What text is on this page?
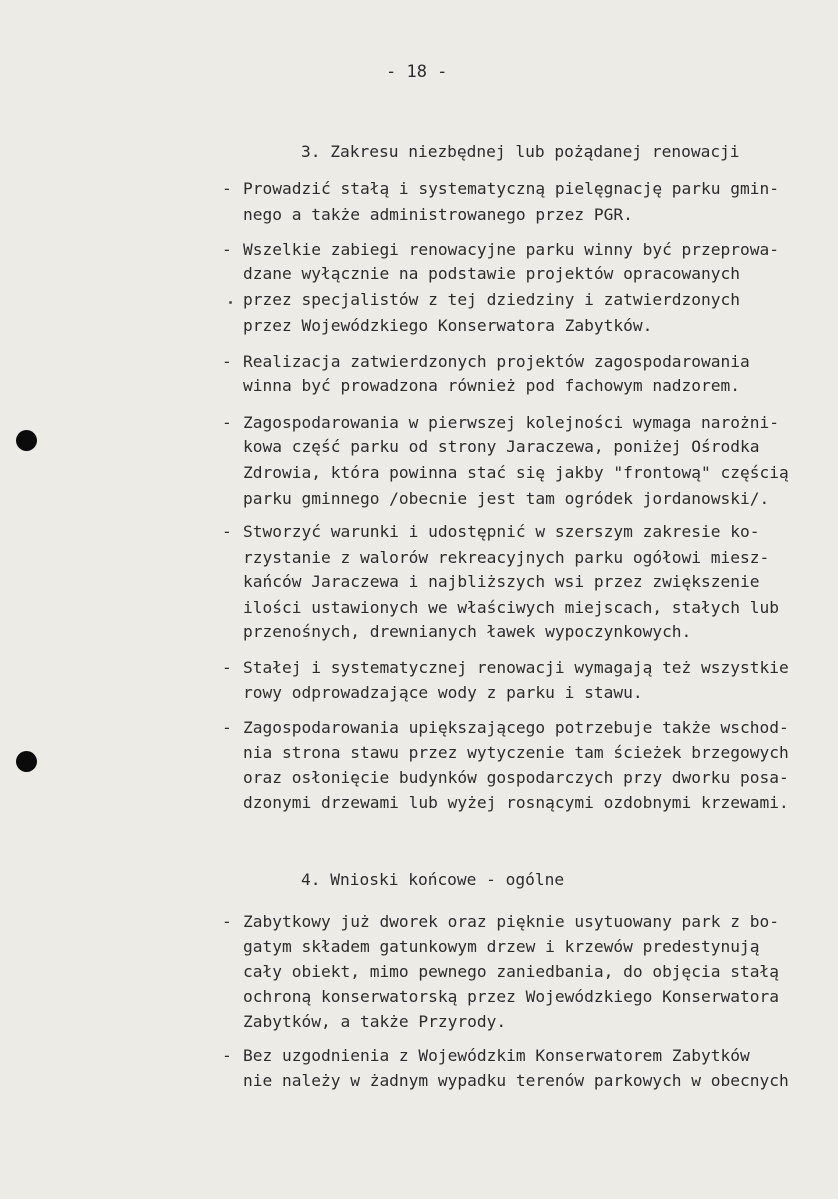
- 18 -
3. Zakresu niezbędnej lub pożądanej renowacji
- Prowadzić stałą i systematyczną pielęgnację parku gmin-
nego a także administrowanego przez PGR.
- Wszelkie zabiegi renowacyjne parku winny być przeprowa-
dzane wyłącznie na podstawie projektów opracowanych
przez specjalistów z tej dziedziny i zatwierdzonych
przez Wojewódzkiego Konserwatora Zabytków.
- Realizacja zatwierdzonych projektów zagospodarowania
winna być prowadzona również pod fachowym nadzorem.
- Zagospodarowania w pierwszej kolejności wymaga narożni-
kowa część parku od strony Jaraczewa, poniżej Ośrodka
Zdrowia, która powinna stać się jakby "frontową" częścią
parku gminnego /obecnie jest tam ogródek jordanowski/.
- Stworzyć warunki i udostępnić w szerszym zakresie ko-
rzystanie z walorów rekreacyjnych parku ogółowi miesz-
kańców Jaraczewa i najbliższych wsi przez zwiększenie
ilości ustawionych we właściwych miejscach, stałych lub
przenośnych, drewnianych ławek wypoczynkowych.
- Stałej i systematycznej renowacji wymagają też wszystkie
rowy odprowadzające wody z parku i stawu.
- Zagospodarowania upiększającego potrzebuje także wschod-
nia strona stawu przez wytyczenie tam ścieżek brzegowych
oraz osłonięcie budynków gospodarczych przy dworku posa-
dzonymi drzewami lub wyżej rosnącymi ozdobnymi krzewami.
4. Wnioski końcowe - ogólne
- Zabytkowy już dworek oraz pięknie usytuowany park z bo-
gatym składem gatunkowym drzew i krzewów predestynują
cały obiekt, mimo pewnego zaniedbania, do objęcia stałą
ochroną konserwatorską przez Wojewódzkiego Konserwatora
Zabytków, a także Przyrody.
- Bez uzgodnienia z Wojewódzkim Konserwatorem Zabytków
nie należy w żadnym wypadku terenów parkowych w obecnych
